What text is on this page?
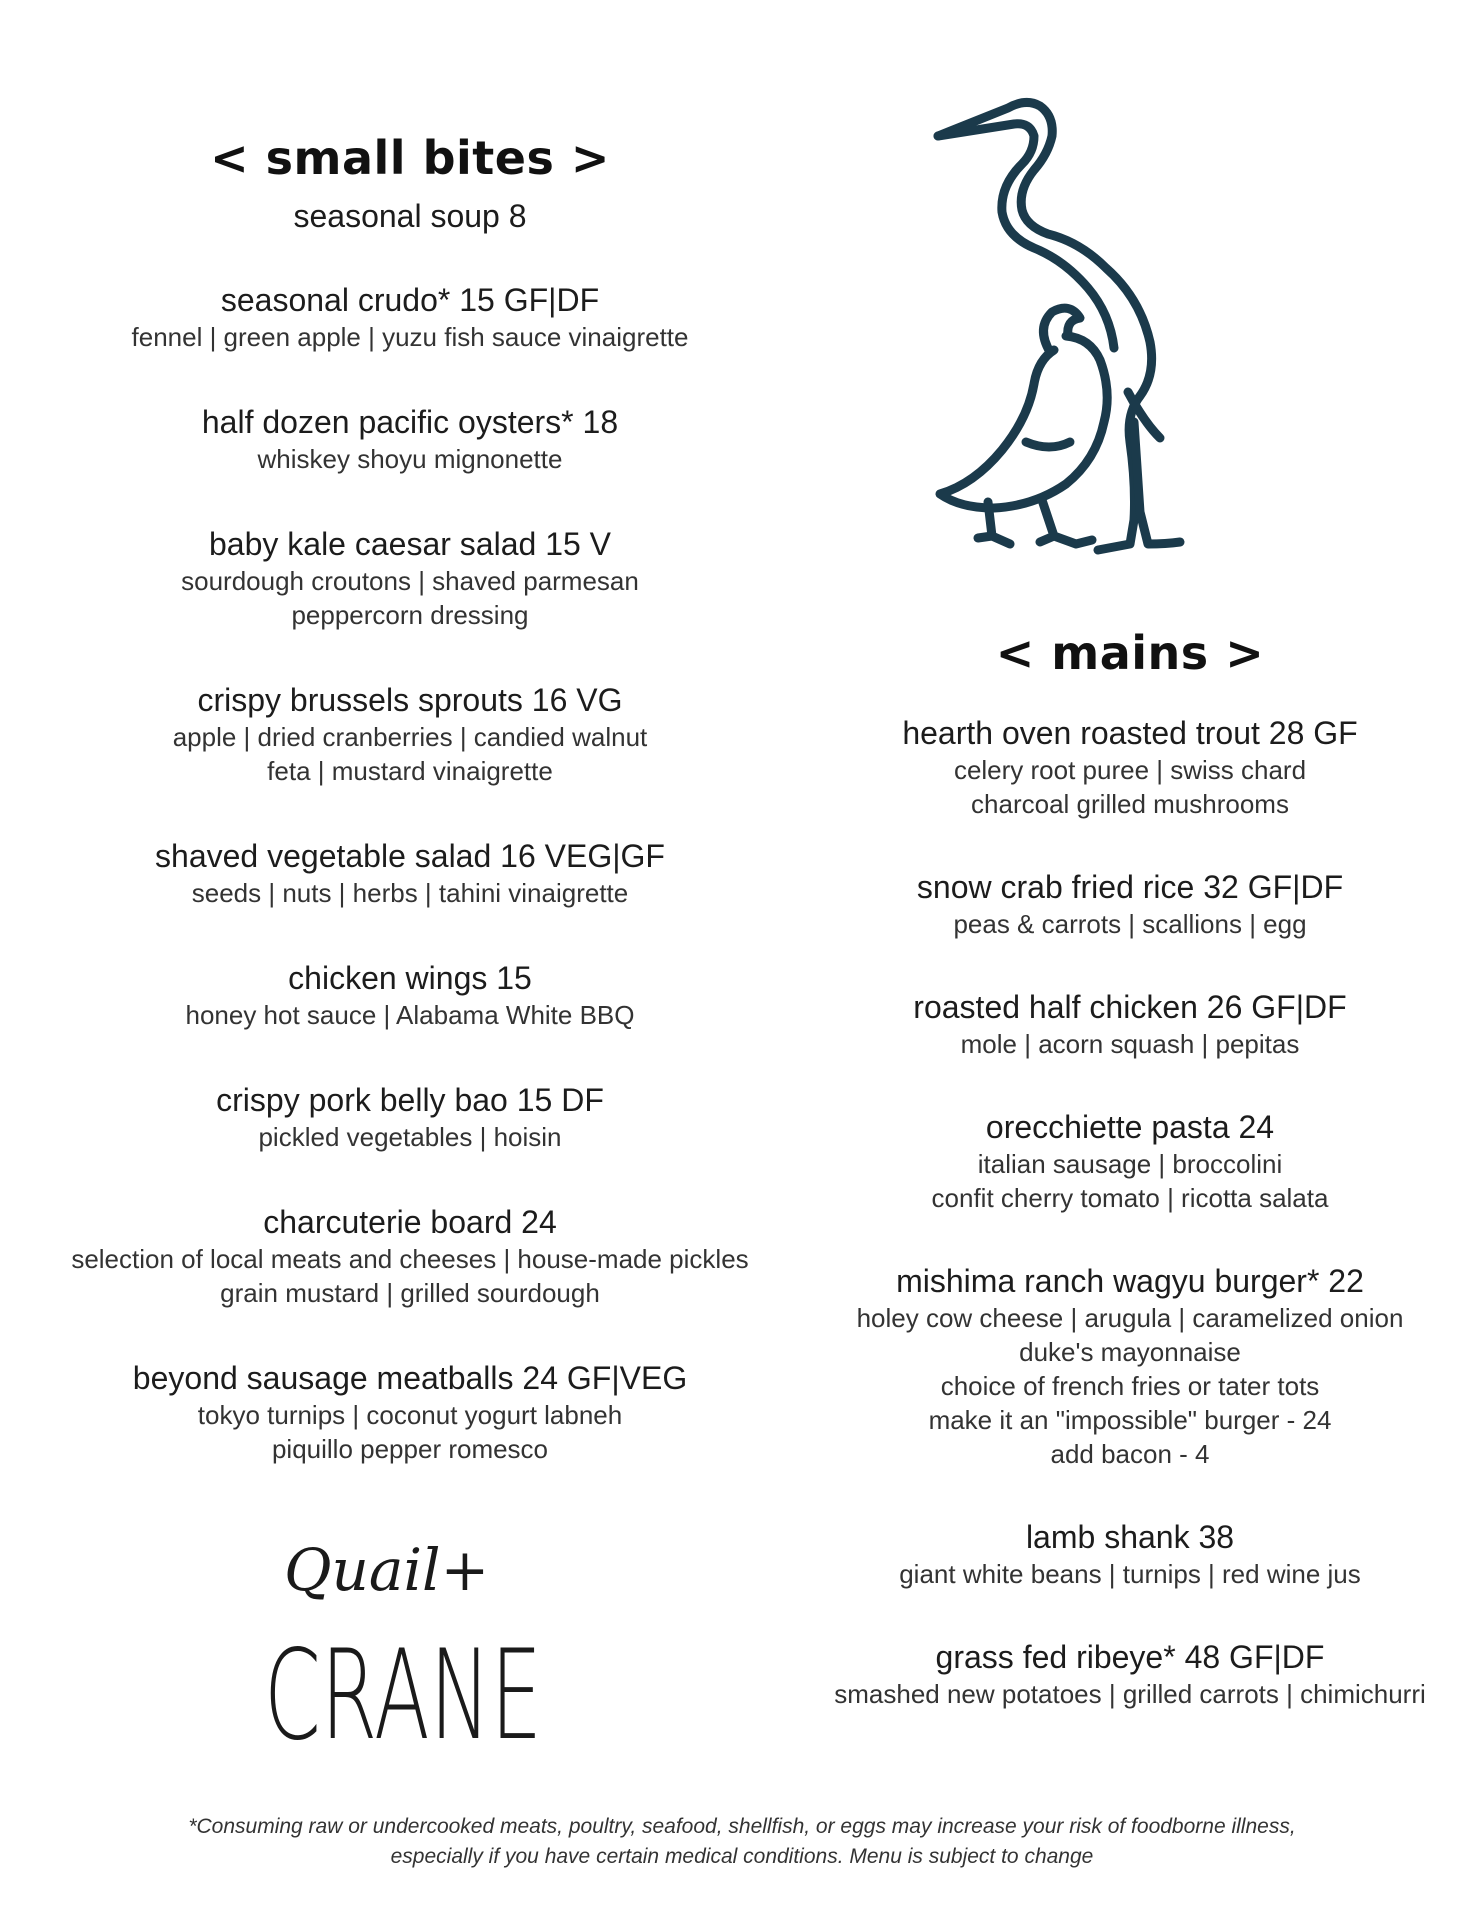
< small bites >
seasonal soup 8
seasonal crudo* 15 GF|DF
fennel | green apple | yuzu fish sauce vinaigrette
half dozen pacific oysters* 18
whiskey shoyu mignonette
baby kale caesar salad 15 V
sourdough croutons | shaved parmesan
peppercorn dressing
crispy brussels sprouts 16 VG
apple | dried cranberries | candied walnut
feta | mustard vinaigrette
shaved vegetable salad 16 VEG|GF
seeds | nuts | herbs | tahini vinaigrette
chicken wings 15
honey hot sauce | Alabama White BBQ
crispy pork belly bao 15 DF
pickled vegetables | hoisin
charcuterie board 24
selection of local meats and cheeses | house-made pickles
grain mustard | grilled sourdough
beyond sausage meatballs 24 GF|VEG
tokyo turnips | coconut yogurt labneh
piquillo pepper romesco
< mains >
hearth oven roasted trout 28 GF
celery root puree | swiss chard
charcoal grilled mushrooms
snow crab fried rice 32 GF|DF
peas & carrots | scallions | egg
roasted half chicken 26 GF|DF
mole | acorn squash | pepitas
orecchiette pasta 24
italian sausage | broccolini
confit cherry tomato | ricotta salata
mishima ranch wagyu burger* 22
holey cow cheese | arugula | caramelized onion
duke's mayonnaise
choice of french fries or tater tots
make it an "impossible" burger - 24
add bacon - 4
lamb shank 38
giant white beans | turnips | red wine jus
grass fed ribeye* 48 GF|DF
smashed new potatoes | grilled carrots | chimichurri
Quail+
CRANE
*Consuming raw or undercooked meats, poultry, seafood, shellfish, or eggs may increase your risk of foodborne illness,
especially if you have certain medical conditions. Menu is subject to change
